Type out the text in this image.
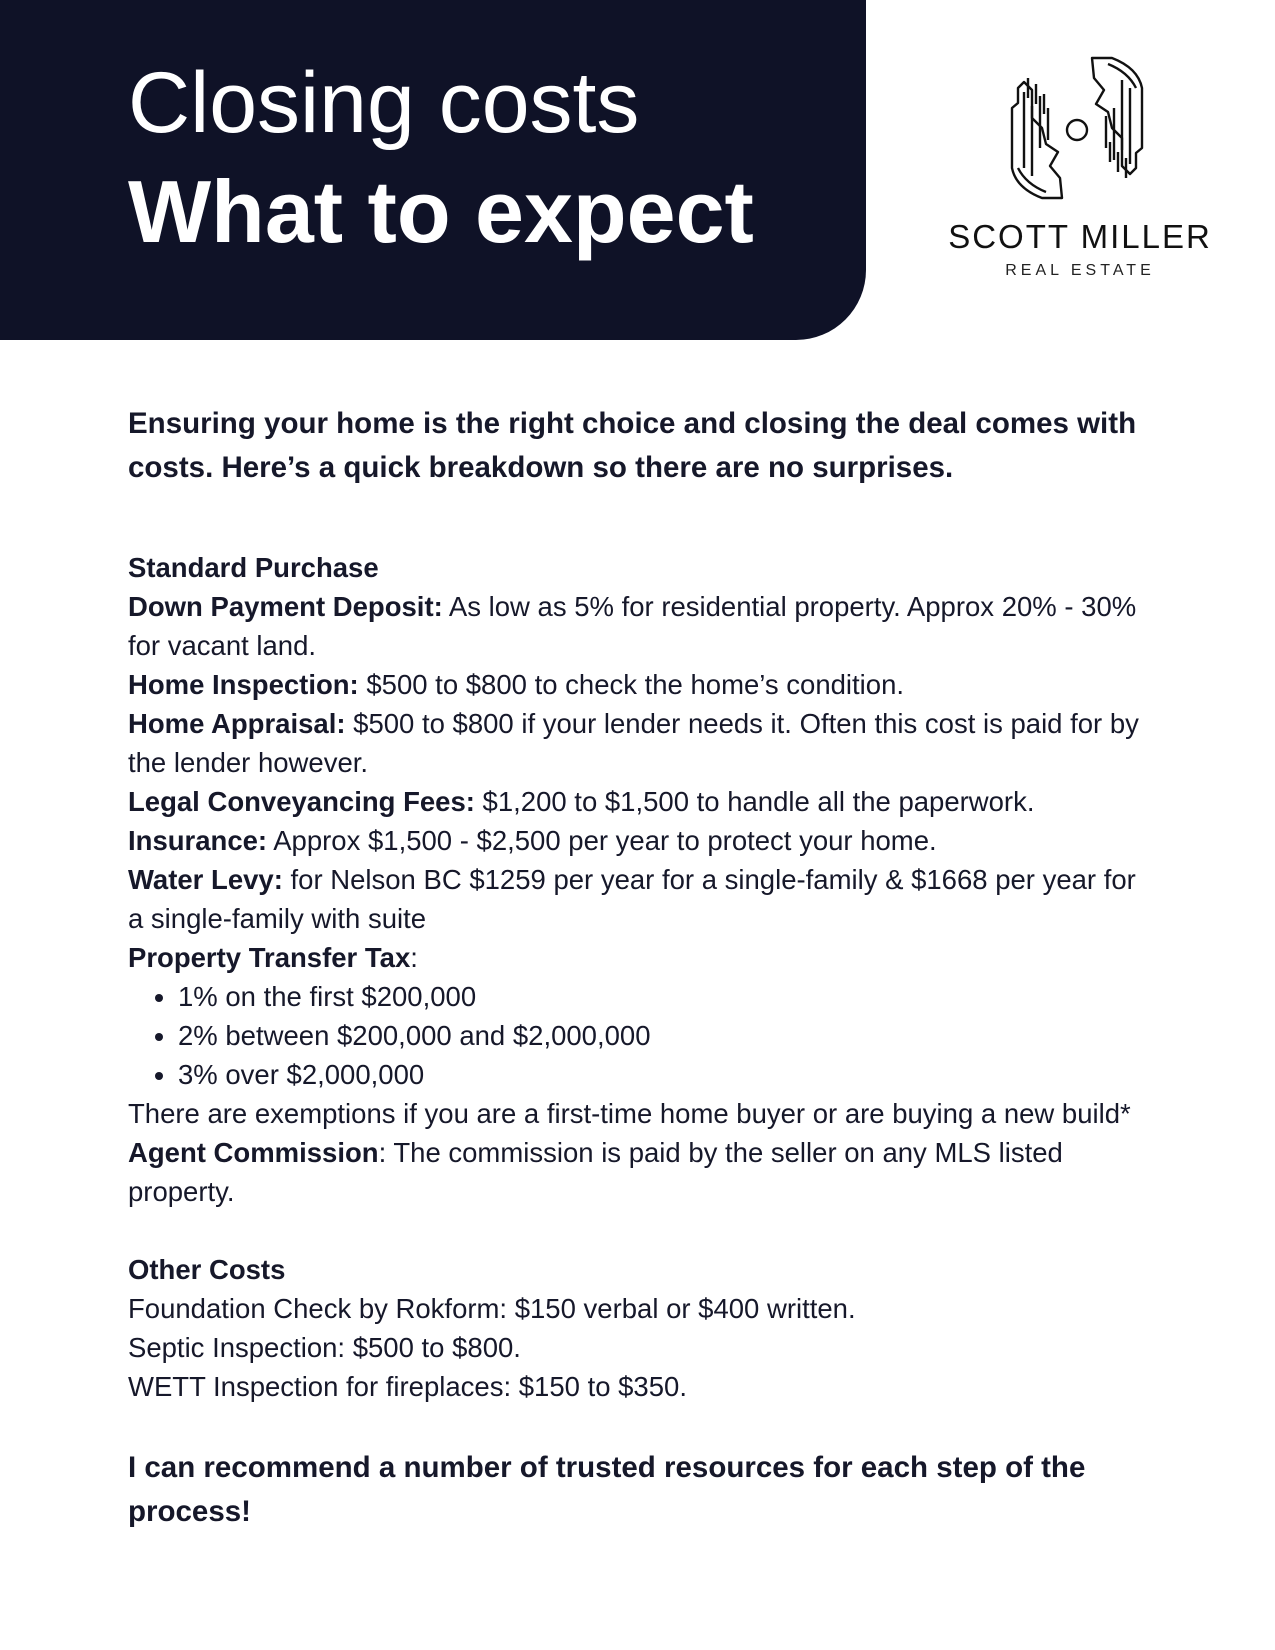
Closing costs
What to expect	SCOTT MILLER
REAL ESTATE

Ensuring your home is the right choice and closing the deal comes with costs. Here’s a quick breakdown so there are no surprises.

Standard Purchase

Down Payment Deposit: As low as 5% for residential property. Approx 20% - 30% for vacant land.

Home Inspection: $500 to $800 to check the home’s condition.

Home Appraisal: $500 to $800 if your lender needs it. Often this cost is paid for by the lender however.

Legal Conveyancing Fees: $1,200 to $1,500 to handle all the paperwork.

Insurance: Approx $1,500 - $2,500 per year to protect your home.

Water Levy: for Nelson BC $1259 per year for a single-family & $1668 per year for a single-family with suite

Property Transfer Tax:

• 1% on the first $200,000
• 2% between $200,000 and $2,000,000
• 3% over $2,000,000

There are exemptions if you are a first-time home buyer or are buying a new build*

Agent Commission: The commission is paid by the seller on any MLS listed property.

Other Costs

Foundation Check by Rokform: $150 verbal or $400 written.

Septic Inspection: $500 to $800.

WETT Inspection for fireplaces: $150 to $350.

I can recommend a number of trusted resources for each step of the process!
